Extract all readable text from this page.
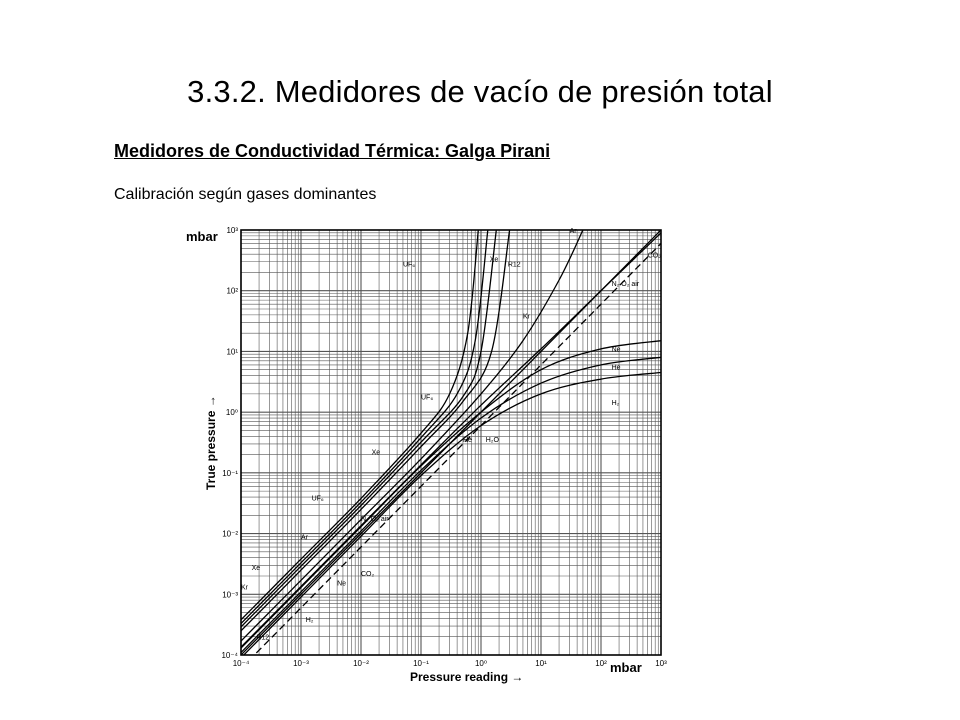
3.3.2. Medidores de vacío de presión total
Medidores de Conductividad Térmica: Galga Pirani
Calibración según gases dominantes
UF₆
Xe
R12
Kr
Ar
CO₂
N₂ O₂ air
Ne
He
H₂
UF₆
He H₂O
Xe
UF₆
N₂ O₂ air
Ar
CO₂
Ne
Xe
Kr
H₂
R12
10⁻⁴	10⁻³	10⁻²	10⁻¹	10⁰	10¹	10²	10³
10⁻⁴
10⁻³
10⁻²
10⁻¹
10⁰
10¹
10²
10³
mbar
mbar
Pressure reading →
True pressure →
